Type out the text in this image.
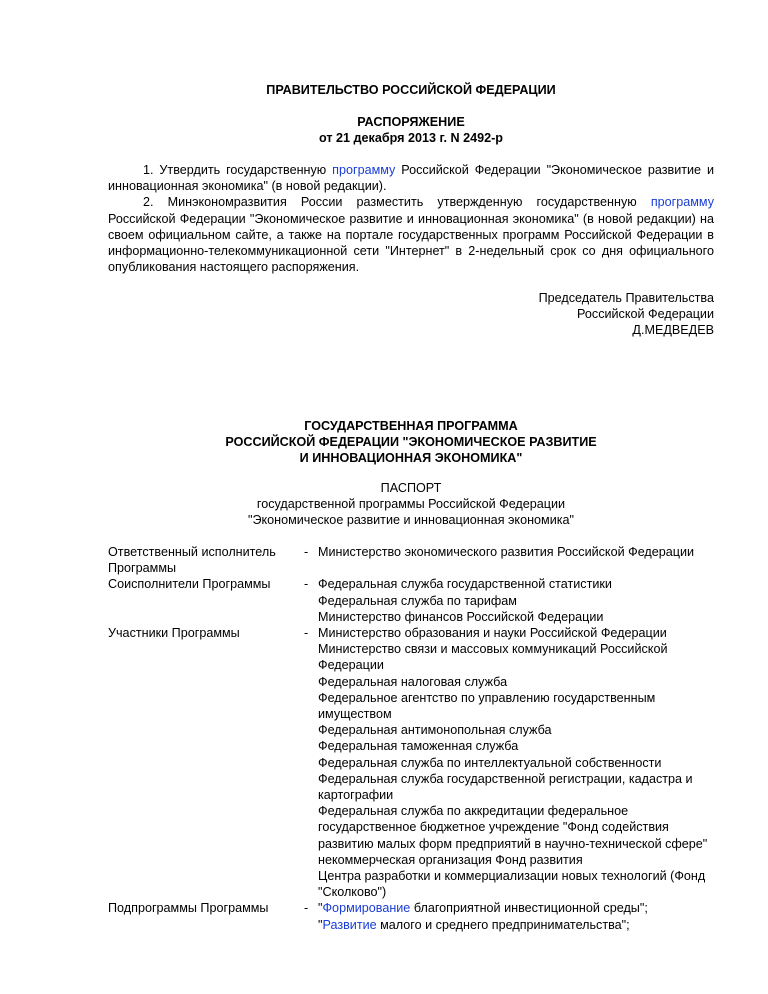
ПРАВИТЕЛЬСТВО РОССИЙСКОЙ ФЕДЕРАЦИИ
РАСПОРЯЖЕНИЕ
от 21 декабря 2013 г. N 2492-р

1. Утвердить государственную программу Российской Федерации "Экономическое развитие и инновационная экономика" (в новой редакции).

2. Минэкономразвития России разместить утвержденную государственную программу Российской Федерации "Экономическое развитие и инновационная экономика" (в новой редакции) на своем официальном сайте, а также на портале государственных программ Российской Федерации в информационно-телекоммуникационной сети "Интернет" в 2-недельный срок со дня официального опубликования настоящего распоряжения.

Председатель Правительства
Российской Федерации
Д.МЕДВЕДЕВ
ГОСУДАРСТВЕННАЯ ПРОГРАММА
РОССИЙСКОЙ ФЕДЕРАЦИИ "ЭКОНОМИЧЕСКОЕ РАЗВИТИЕ
И ИННОВАЦИОННАЯ ЭКОНОМИКА"
ПАСПОРТ
государственной программы Российской Федерации
"Экономическое развитие и инновационная экономика"
Ответственный исполнитель Программы
- Министерство экономического развития Российской Федерации
Соисполнители Программы	- Федеральная служба государственной статистики
Федеральная служба по тарифам
Министерство финансов Российской Федерации
Участники Программы	- Министерство образования и науки Российской Федерации
Министерство связи и массовых коммуникаций Российской Федерации
Федеральная налоговая служба
Федеральное агентство по управлению государственным имуществом
Федеральная антимонопольная служба
Федеральная таможенная служба
Федеральная служба по интеллектуальной собственности
Федеральная служба государственной регистрации, кадастра и картографии
Федеральная служба по аккредитации федеральное государственное бюджетное учреждение "Фонд содействия развитию малых форм предприятий в научно-технической сфере"
некоммерческая организация Фонд развития
Центра разработки и коммерциализации новых технологий (Фонд "Сколково")
Подпрограммы Программы	- "Формирование благоприятной инвестиционной среды";
"Развитие малого и среднего предпринимательства";
